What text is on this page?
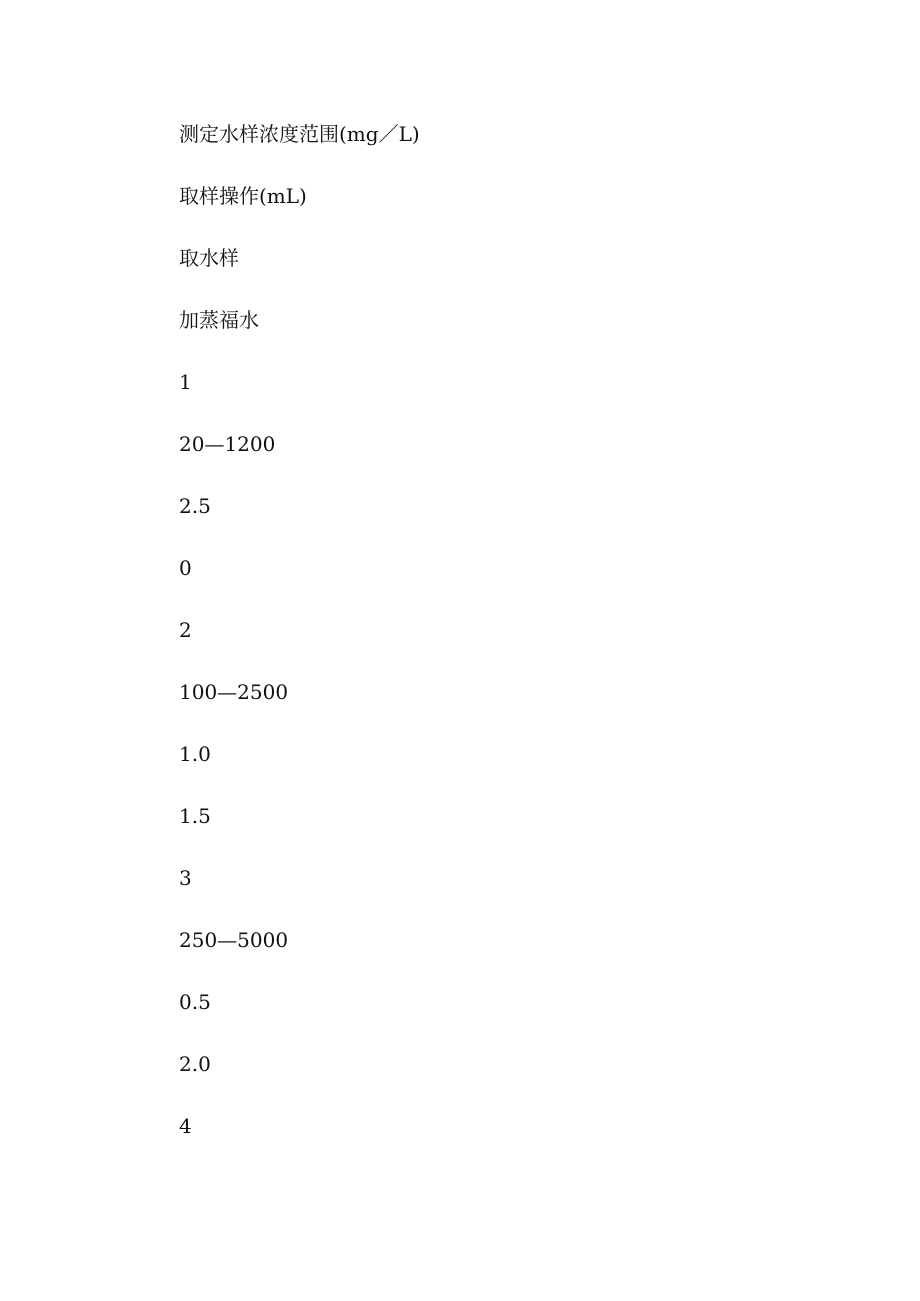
测定水样浓度范围(mg／L)
取样操作(mL)
取水样
加蒸福水
1
20—1200
2.5
0
2
100—2500
1.0
1.5
3
250—5000
0.5
2.0
4
